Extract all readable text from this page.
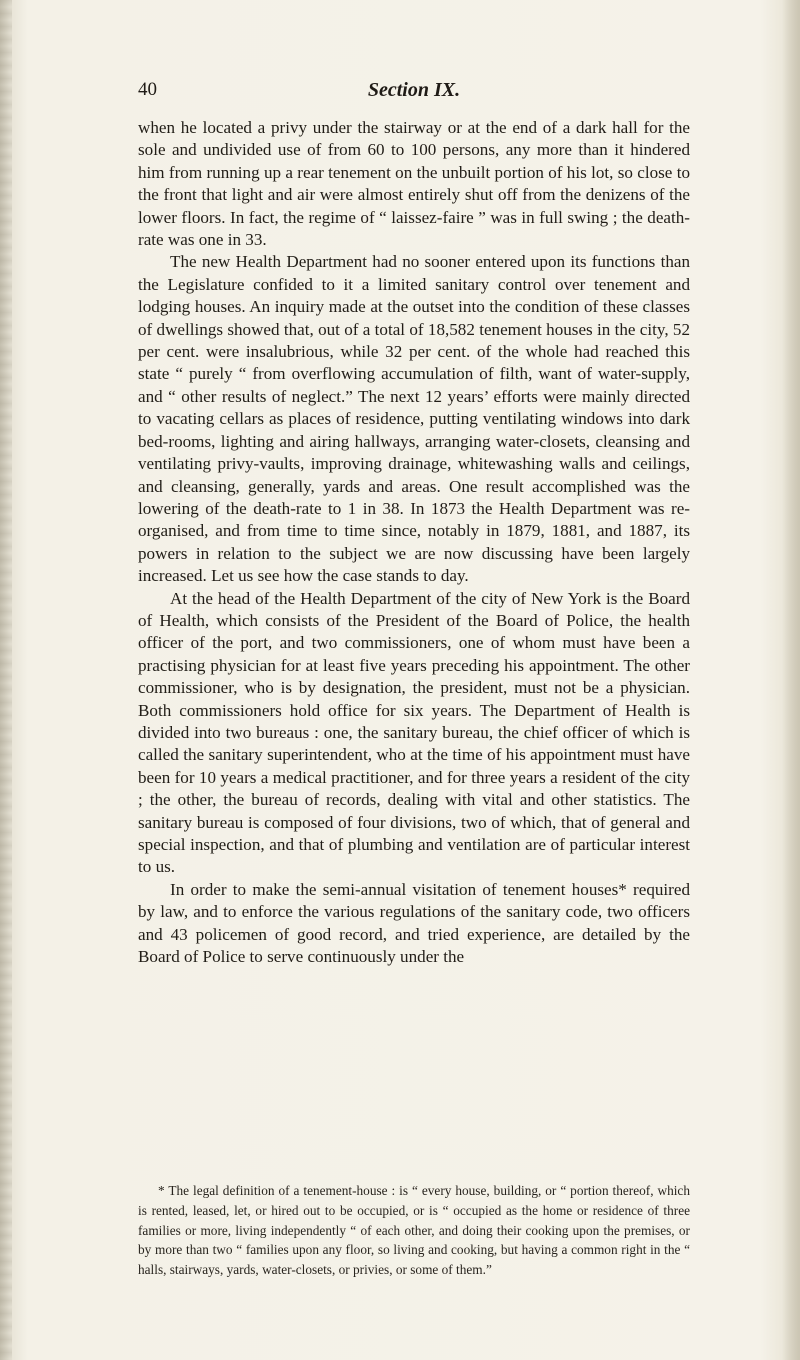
40	Section IX.

when he located a privy under the stairway or at the end of a dark hall for the sole and undivided use of from 60 to 100 persons, any more than it hindered him from running up a rear tenement on the unbuilt portion of his lot, so close to the front that light and air were almost entirely shut off from the denizens of the lower floors. In fact, the regime of “ laissez-faire ” was in full swing ; the death-rate was one in 33.

The new Health Department had no sooner entered upon its functions than the Legislature confided to it a limited sanitary control over tenement and lodging houses. An inquiry made at the outset into the condition of these classes of dwellings showed that, out of a total of 18,582 tenement houses in the city, 52 per cent. were insalubrious, while 32 per cent. of the whole had reached this state “ purely “ from overflowing accumulation of filth, want of water-supply, and “ other results of neglect.” The next 12 years’ efforts were mainly directed to vacating cellars as places of residence, putting ventilating windows into dark bed-rooms, lighting and airing hallways, arranging water-closets, cleansing and ventilating privy-vaults, improving drainage, whitewashing walls and ceilings, and cleansing, generally, yards and areas. One result accomplished was the lowering of the death-rate to 1 in 38. In 1873 the Health Department was re-organised, and from time to time since, notably in 1879, 1881, and 1887, its powers in relation to the subject we are now discussing have been largely increased. Let us see how the case stands to day.

At the head of the Health Department of the city of New York is the Board of Health, which consists of the President of the Board of Police, the health officer of the port, and two commissioners, one of whom must have been a practising physician for at least five years preceding his appointment. The other commissioner, who is by designation, the president, must not be a physician. Both commissioners hold office for six years. The Department of Health is divided into two bureaus : one, the sanitary bureau, the chief officer of which is called the sanitary superintendent, who at the time of his appointment must have been for 10 years a medical practitioner, and for three years a resident of the city ; the other, the bureau of records, dealing with vital and other statistics. The sanitary bureau is composed of four divisions, two of which, that of general and special inspection, and that of plumbing and ventilation are of particular interest to us.

In order to make the semi-annual visitation of tenement houses* required by law, and to enforce the various regulations of the sanitary code, two officers and 43 policemen of good record, and tried experience, are detailed by the Board of Police to serve continuously under the

* The legal definition of a tenement-house : is “ every house, building, or “ portion thereof, which is rented, leased, let, or hired out to be occupied, or is “ occupied as the home or residence of three families or more, living independently “ of each other, and doing their cooking upon the premises, or by more than two “ families upon any floor, so living and cooking, but having a common right in the “ halls, stairways, yards, water-closets, or privies, or some of them.”
